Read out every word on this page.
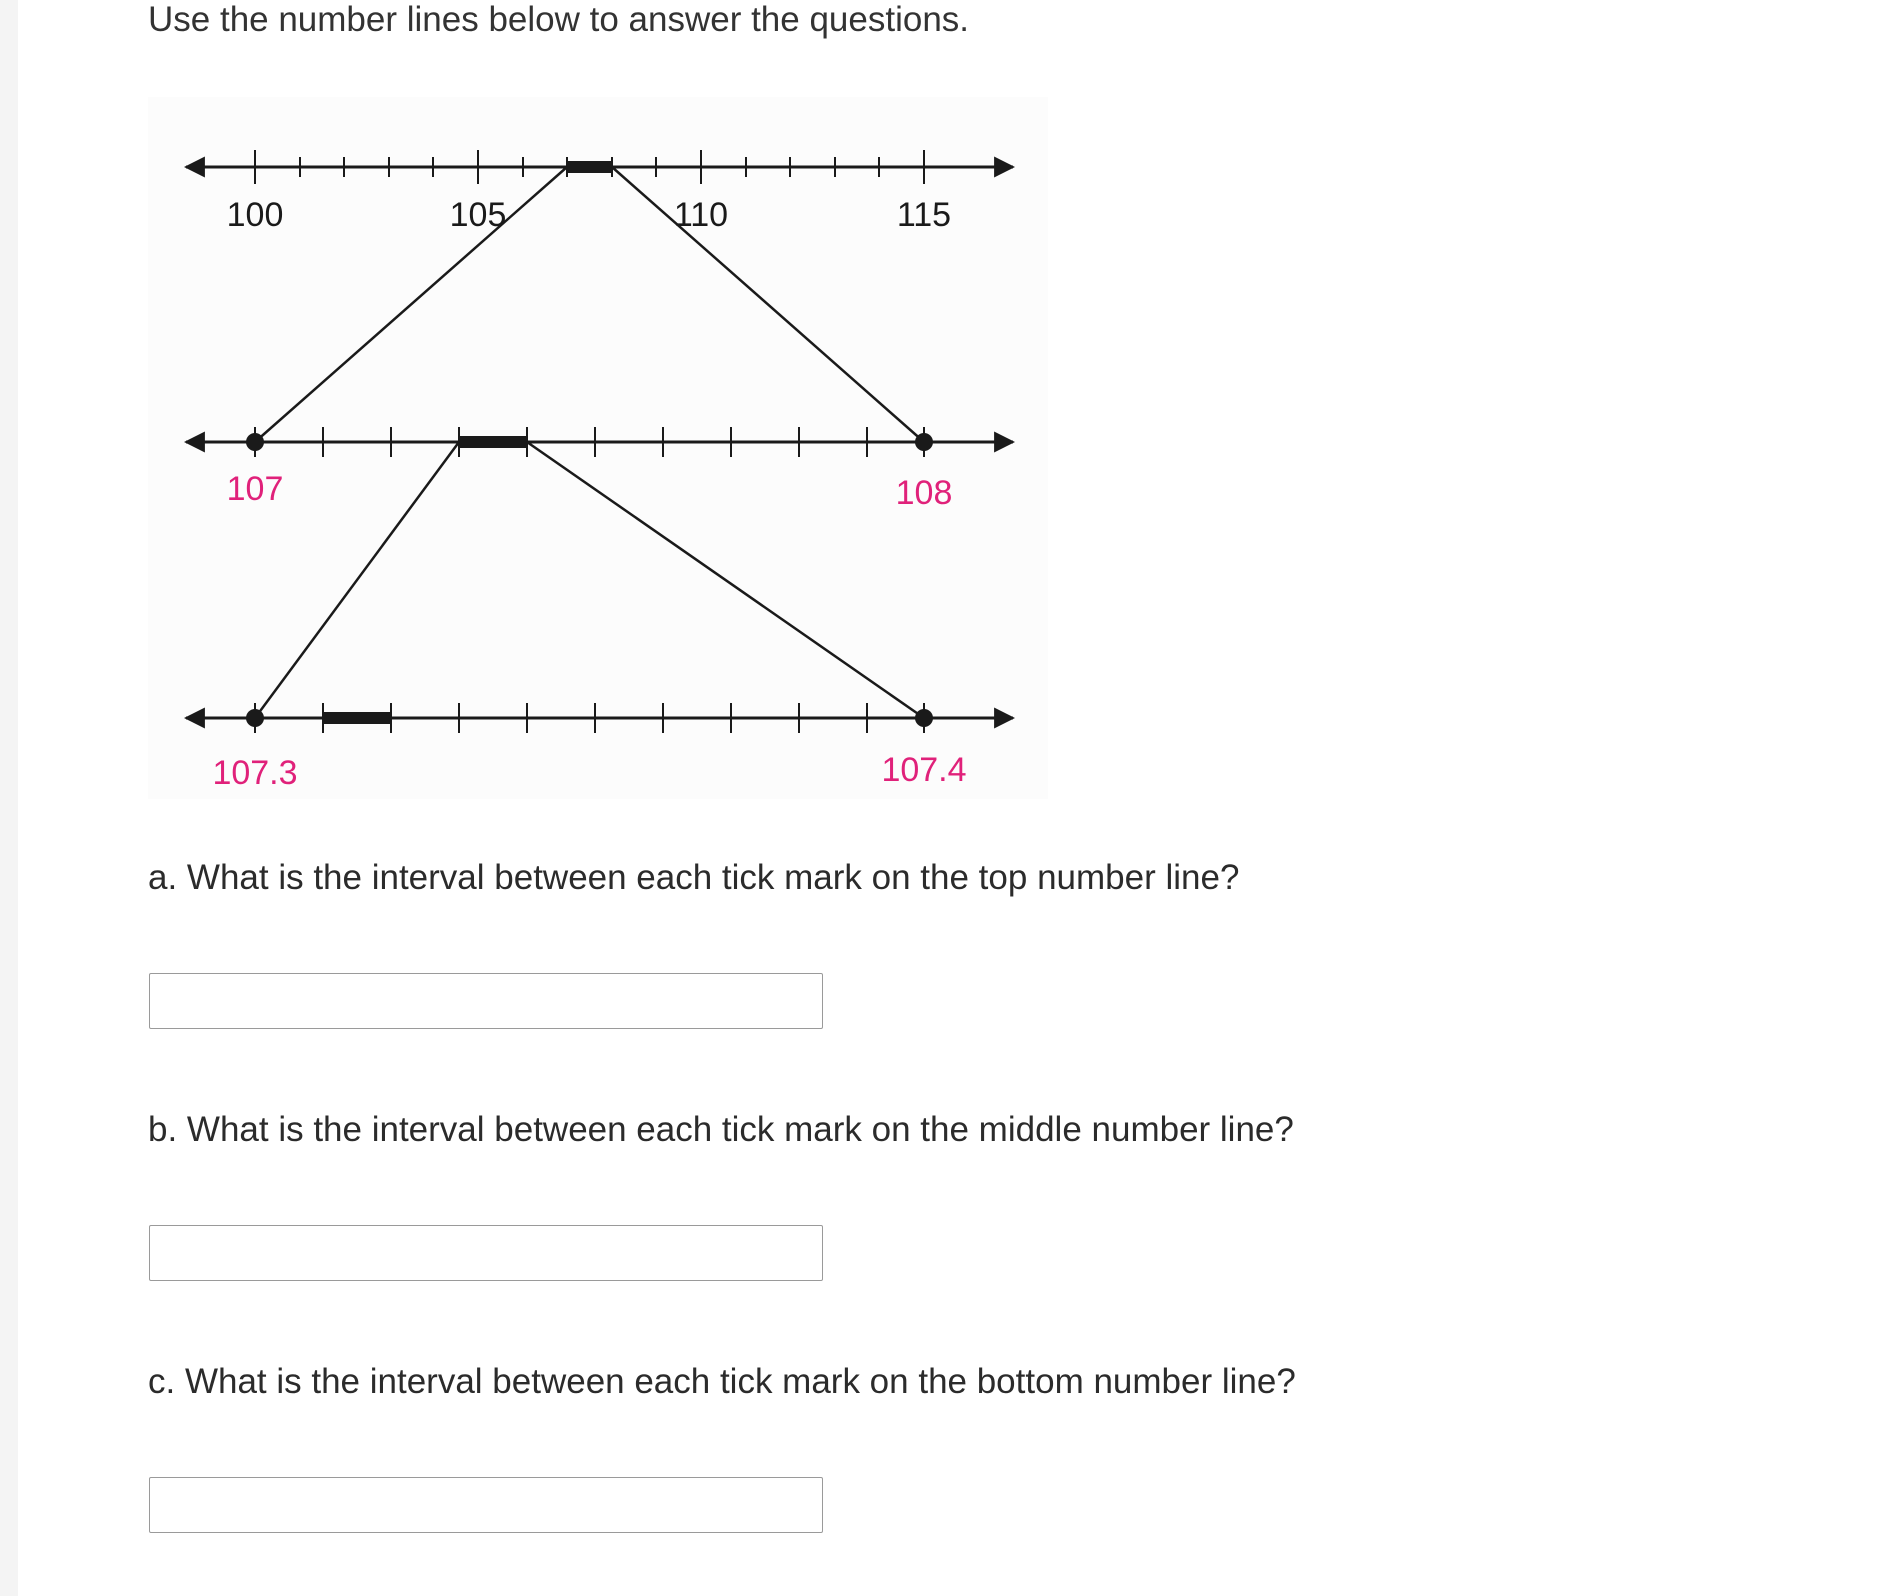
Use the number lines below to answer the questions.

100	105	110	115
107	108
107.3	107.4

a. What is the interval between each tick mark on the top number line?

b. What is the interval between each tick mark on the middle number line?

c. What is the interval between each tick mark on the bottom number line?
